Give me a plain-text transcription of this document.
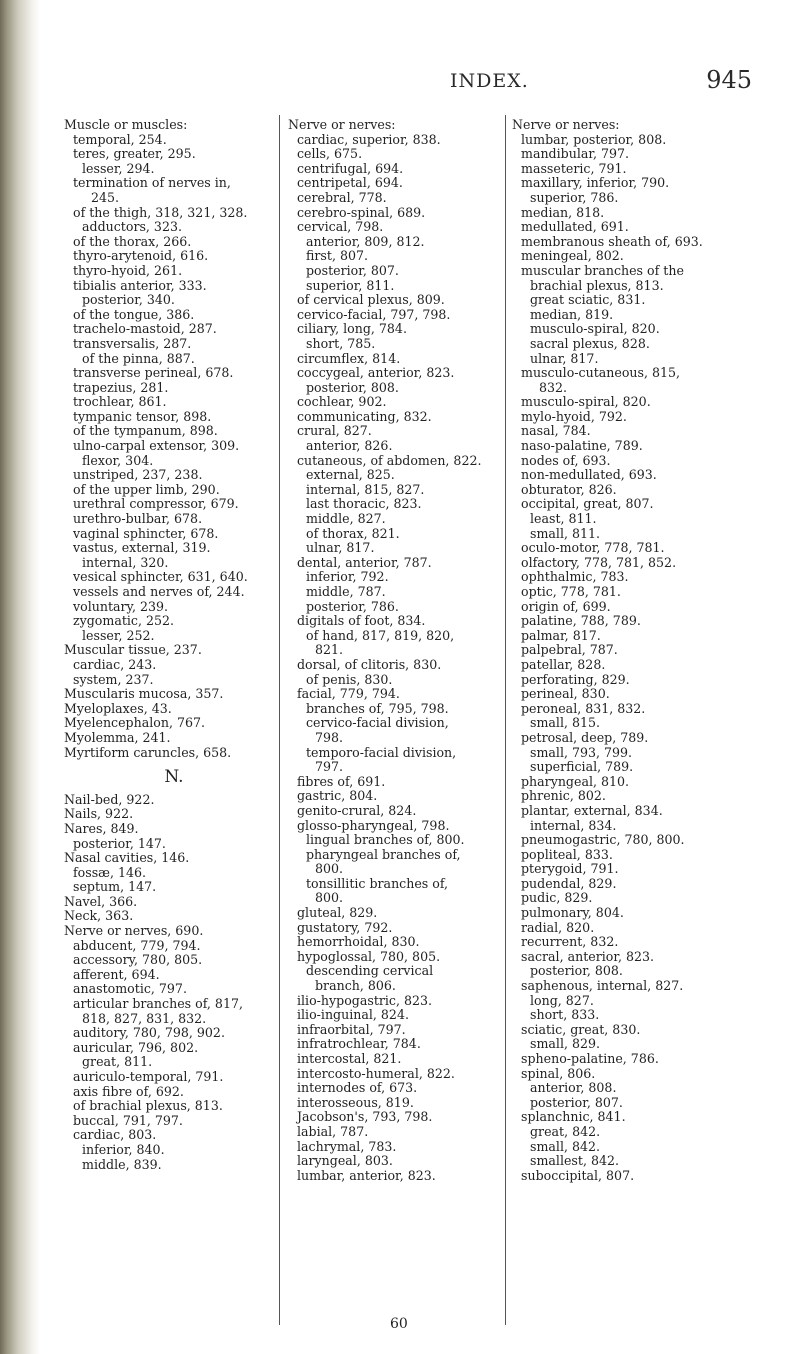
INDEX.	945
Muscle or muscles:
temporal, 254.
teres, greater, 295.
lesser, 294.
termination of nerves in,
245.
of the thigh, 318, 321, 328.
adductors, 323.
of the thorax, 266.
thyro-arytenoid, 616.
thyro-hyoid, 261.
tibialis anterior, 333.
posterior, 340.
of the tongue, 386.
trachelo-mastoid, 287.
transversalis, 287.
of the pinna, 887.
transverse perineal, 678.
trapezius, 281.
trochlear, 861.
tympanic tensor, 898.
of the tympanum, 898.
ulno-carpal extensor, 309.
flexor, 304.
unstriped, 237, 238.
of the upper limb, 290.
urethral compressor, 679.
urethro-bulbar, 678.
vaginal sphincter, 678.
vastus, external, 319.
internal, 320.
vesical sphincter, 631, 640.
vessels and nerves of, 244.
voluntary, 239.
zygomatic, 252.
lesser, 252.
Muscular tissue, 237.
cardiac, 243.
system, 237.
Muscularis mucosa, 357.
Myeloplaxes, 43.
Myelencephalon, 767.
Myolemma, 241.
Myrtiform caruncles, 658.
N.
Nail-bed, 922.
Nails, 922.
Nares, 849.
posterior, 147.
Nasal cavities, 146.
fossæ, 146.
septum, 147.
Navel, 366.
Neck, 363.
Nerve or nerves, 690.
abducent, 779, 794.
accessory, 780, 805.
afferent, 694.
anastomotic, 797.
articular branches of, 817,
818, 827, 831, 832.
auditory, 780, 798, 902.
auricular, 796, 802.
great, 811.
auriculo-temporal, 791.
axis fibre of, 692.
of brachial plexus, 813.
buccal, 791, 797.
cardiac, 803.
inferior, 840.
middle, 839.
Nerve or nerves:
cardiac, superior, 838.
cells, 675.
centrifugal, 694.
centripetal, 694.
cerebral, 778.
cerebro-spinal, 689.
cervical, 798.
anterior, 809, 812.
first, 807.
posterior, 807.
superior, 811.
of cervical plexus, 809.
cervico-facial, 797, 798.
ciliary, long, 784.
short, 785.
circumflex, 814.
coccygeal, anterior, 823.
posterior, 808.
cochlear, 902.
communicating, 832.
crural, 827.
anterior, 826.
cutaneous, of abdomen, 822.
external, 825.
internal, 815, 827.
last thoracic, 823.
middle, 827.
of thorax, 821.
ulnar, 817.
dental, anterior, 787.
inferior, 792.
middle, 787.
posterior, 786.
digitals of foot, 834.
of hand, 817, 819, 820,
821.
dorsal, of clitoris, 830.
of penis, 830.
facial, 779, 794.
branches of, 795, 798.
cervico-facial division,
798.
temporo-facial division,
797.
fibres of, 691.
gastric, 804.
genito-crural, 824.
glosso-pharyngeal, 798.
lingual branches of, 800.
pharyngeal branches of,
800.
tonsillitic branches of,
800.
gluteal, 829.
gustatory, 792.
hemorrhoidal, 830.
hypoglossal, 780, 805.
descending cervical
branch, 806.
ilio-hypogastric, 823.
ilio-inguinal, 824.
infraorbital, 797.
infratrochlear, 784.
intercostal, 821.
intercosto-humeral, 822.
internodes of, 673.
interosseous, 819.
Jacobson's, 793, 798.
labial, 787.
lachrymal, 783.
laryngeal, 803.
lumbar, anterior, 823.
Nerve or nerves:
lumbar, posterior, 808.
mandibular, 797.
masseteric, 791.
maxillary, inferior, 790.
superior, 786.
median, 818.
medullated, 691.
membranous sheath of, 693.
meningeal, 802.
muscular branches of the
brachial plexus, 813.
great sciatic, 831.
median, 819.
musculo-spiral, 820.
sacral plexus, 828.
ulnar, 817.
musculo-cutaneous, 815,
832.
musculo-spiral, 820.
mylo-hyoid, 792.
nasal, 784.
naso-palatine, 789.
nodes of, 693.
non-medullated, 693.
obturator, 826.
occipital, great, 807.
least, 811.
small, 811.
oculo-motor, 778, 781.
olfactory, 778, 781, 852.
ophthalmic, 783.
optic, 778, 781.
origin of, 699.
palatine, 788, 789.
palmar, 817.
palpebral, 787.
patellar, 828.
perforating, 829.
perineal, 830.
peroneal, 831, 832.
small, 815.
petrosal, deep, 789.
small, 793, 799.
superficial, 789.
pharyngeal, 810.
phrenic, 802.
plantar, external, 834.
internal, 834.
pneumogastric, 780, 800.
popliteal, 833.
pterygoid, 791.
pudendal, 829.
pudic, 829.
pulmonary, 804.
radial, 820.
recurrent, 832.
sacral, anterior, 823.
posterior, 808.
saphenous, internal, 827.
long, 827.
short, 833.
sciatic, great, 830.
small, 829.
spheno-palatine, 786.
spinal, 806.
anterior, 808.
posterior, 807.
splanchnic, 841.
great, 842.
small, 842.
smallest, 842.
suboccipital, 807.
60
